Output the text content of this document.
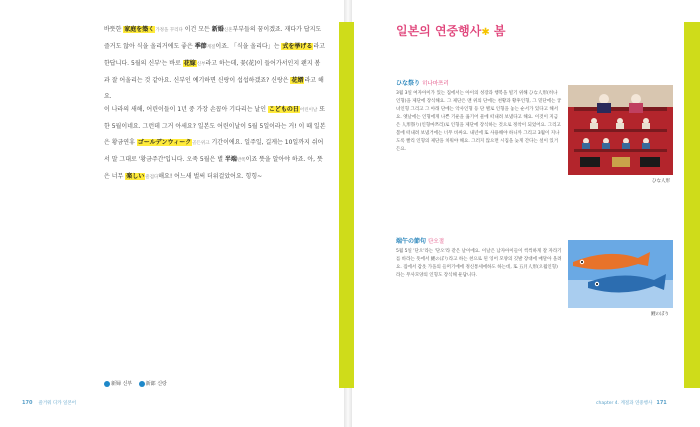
바뜻한 家庭を築く가정을 꾸리다 이건 모든 新婚신혼부부들의 꿈이겠죠. 재다가 답지도 즐거도 않아 식을 올리거에도 좋은 季節계절이죠. 「식을 올리다」는 式を挙げる라고 한답니다. 5월의 신부'는 바로 花嫁신부라고 하는데, 꽃(花)이 들어가서인지 왠지 봄과 잘 어울리는 것 같아요. 신부인 예기하면 신랑이 섭섭하겠죠? 신랑은 花婿라고 해요.

이 나라의 새해, 어린이들이 1년 중 가장 손꼽아 기다리는 날인 こどもの日어린이날 또한 5월이네요. 그런데 그거 아세요? 일본도 어린이날이 5월 5일이라는 거! 이 때 일본은 황금연휴 ゴールデンウィーク골든위크 기간이에요. 일주일, 길게는 10일까지 쉬어서 말 그대로 '황금주간'입니다. 오죽 5월은 별 半端반쪽이죠 뜻을 알아야 하죠. 아, 뜻은 너무 楽しい즐겁다해요! 어느새 벌써 더위걸았어요. 힝힝~

新婦 신부	新郎 신랑
170 즐거워 디카 일본어
일본의 연중행사✱ 봄
ひな祭り 히나마쯔리

3월 3일 여자아이가 있는 집에서는 아이의 성장과 행복을 빌기 위해 ひな人形(히나 인형)을 제단에 장식해요. 그 제단은 맨 위의 단에는 천황과 황후인형, 그 밑단에는 궁녀인형 그리고 그 아래 단에는 악사인형 등 단 별로 인형을 놓는 순서가 있다고 해서요. 옛날에는 인형에게 나쁜 기운을 옮기어 물에 떠내려 보냈다고 해요. 이것이 지금은 人形祭り(인형마쯔리)로 인형을 제단에 장식하는 것으로 정착이 되었어요. 그리고 봄에 떠내려 보냈거에는 너무 비싸요. 내년에 또 사용해야 하니까 그리고 3월이 지나도록 빨리 인형의 제단을 치워야 해요. 그러지 않으면 시집을 늦게 간다는 설이 있거든요.

ひな人形
端午の節句 단오절

5월 5일 '단오'라는 '단오'라 같은 날이에요. 이날은 남자아이들이 씩씩하게 잘 자라기를 바라는 뜻에서 鯉のぼり라고 하는 천으로 된 잉어 모양의 깃발 장대에 매달아 올려요. 집에서 갑옷 가을의 들머기에에 정신통세에하도 하는데, 또 五月人形(오월인형)라는 무사모양의 인형도 장식해 둔답니다.

鯉のぼり
chapter 4. 계절과 연중행사 171
